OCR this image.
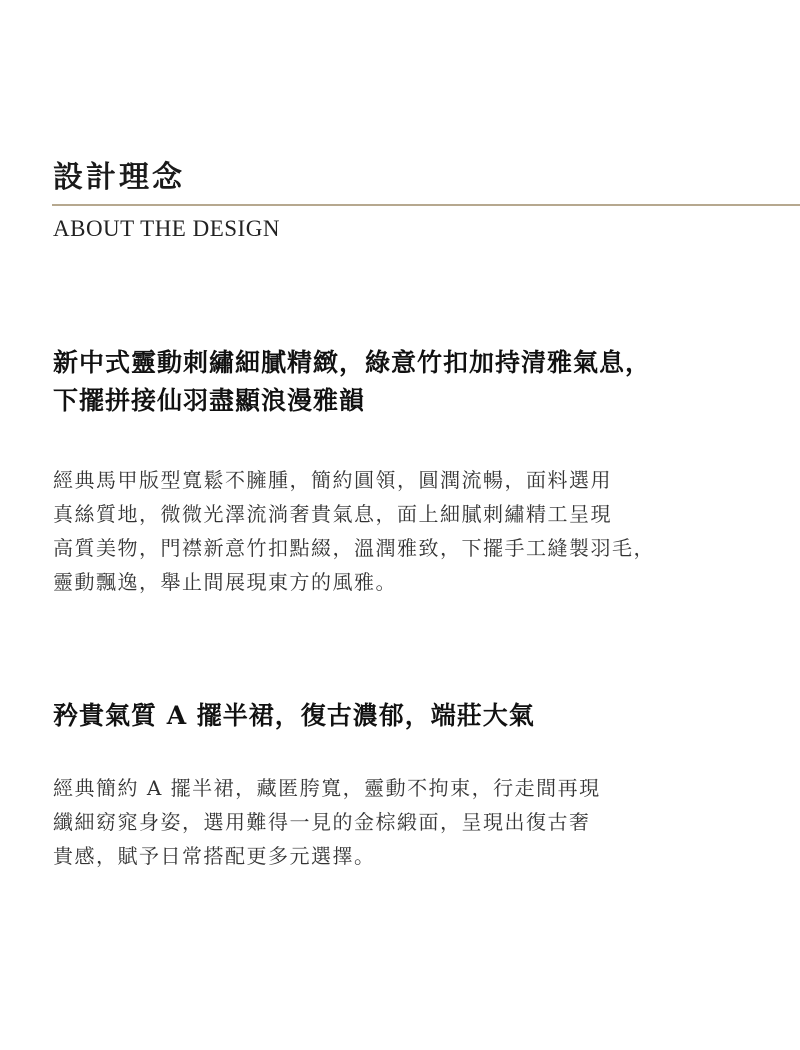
設計理念
ABOUT THE DESIGN
新中式靈動刺繡細膩精緻，綠意竹扣加持清雅氣息，
下擺拼接仙羽盡顯浪漫雅韻

經典馬甲版型寬鬆不臃腫，簡約圓領，圓潤流暢，面料選用
真絲質地，微微光澤流淌奢貴氣息，面上細膩刺繡精工呈現
高質美物，門襟新意竹扣點綴，溫潤雅致，下擺手工縫製羽毛，
靈動飄逸，舉止間展現東方的風雅。

矜貴氣質 A 擺半裙，復古濃郁，端莊大氣

經典簡約 A 擺半裙，藏匿胯寬，靈動不拘束，行走間再現
纖細窈窕身姿，選用難得一見的金棕緞面，呈現出復古奢
貴感，賦予日常搭配更多元選擇。
